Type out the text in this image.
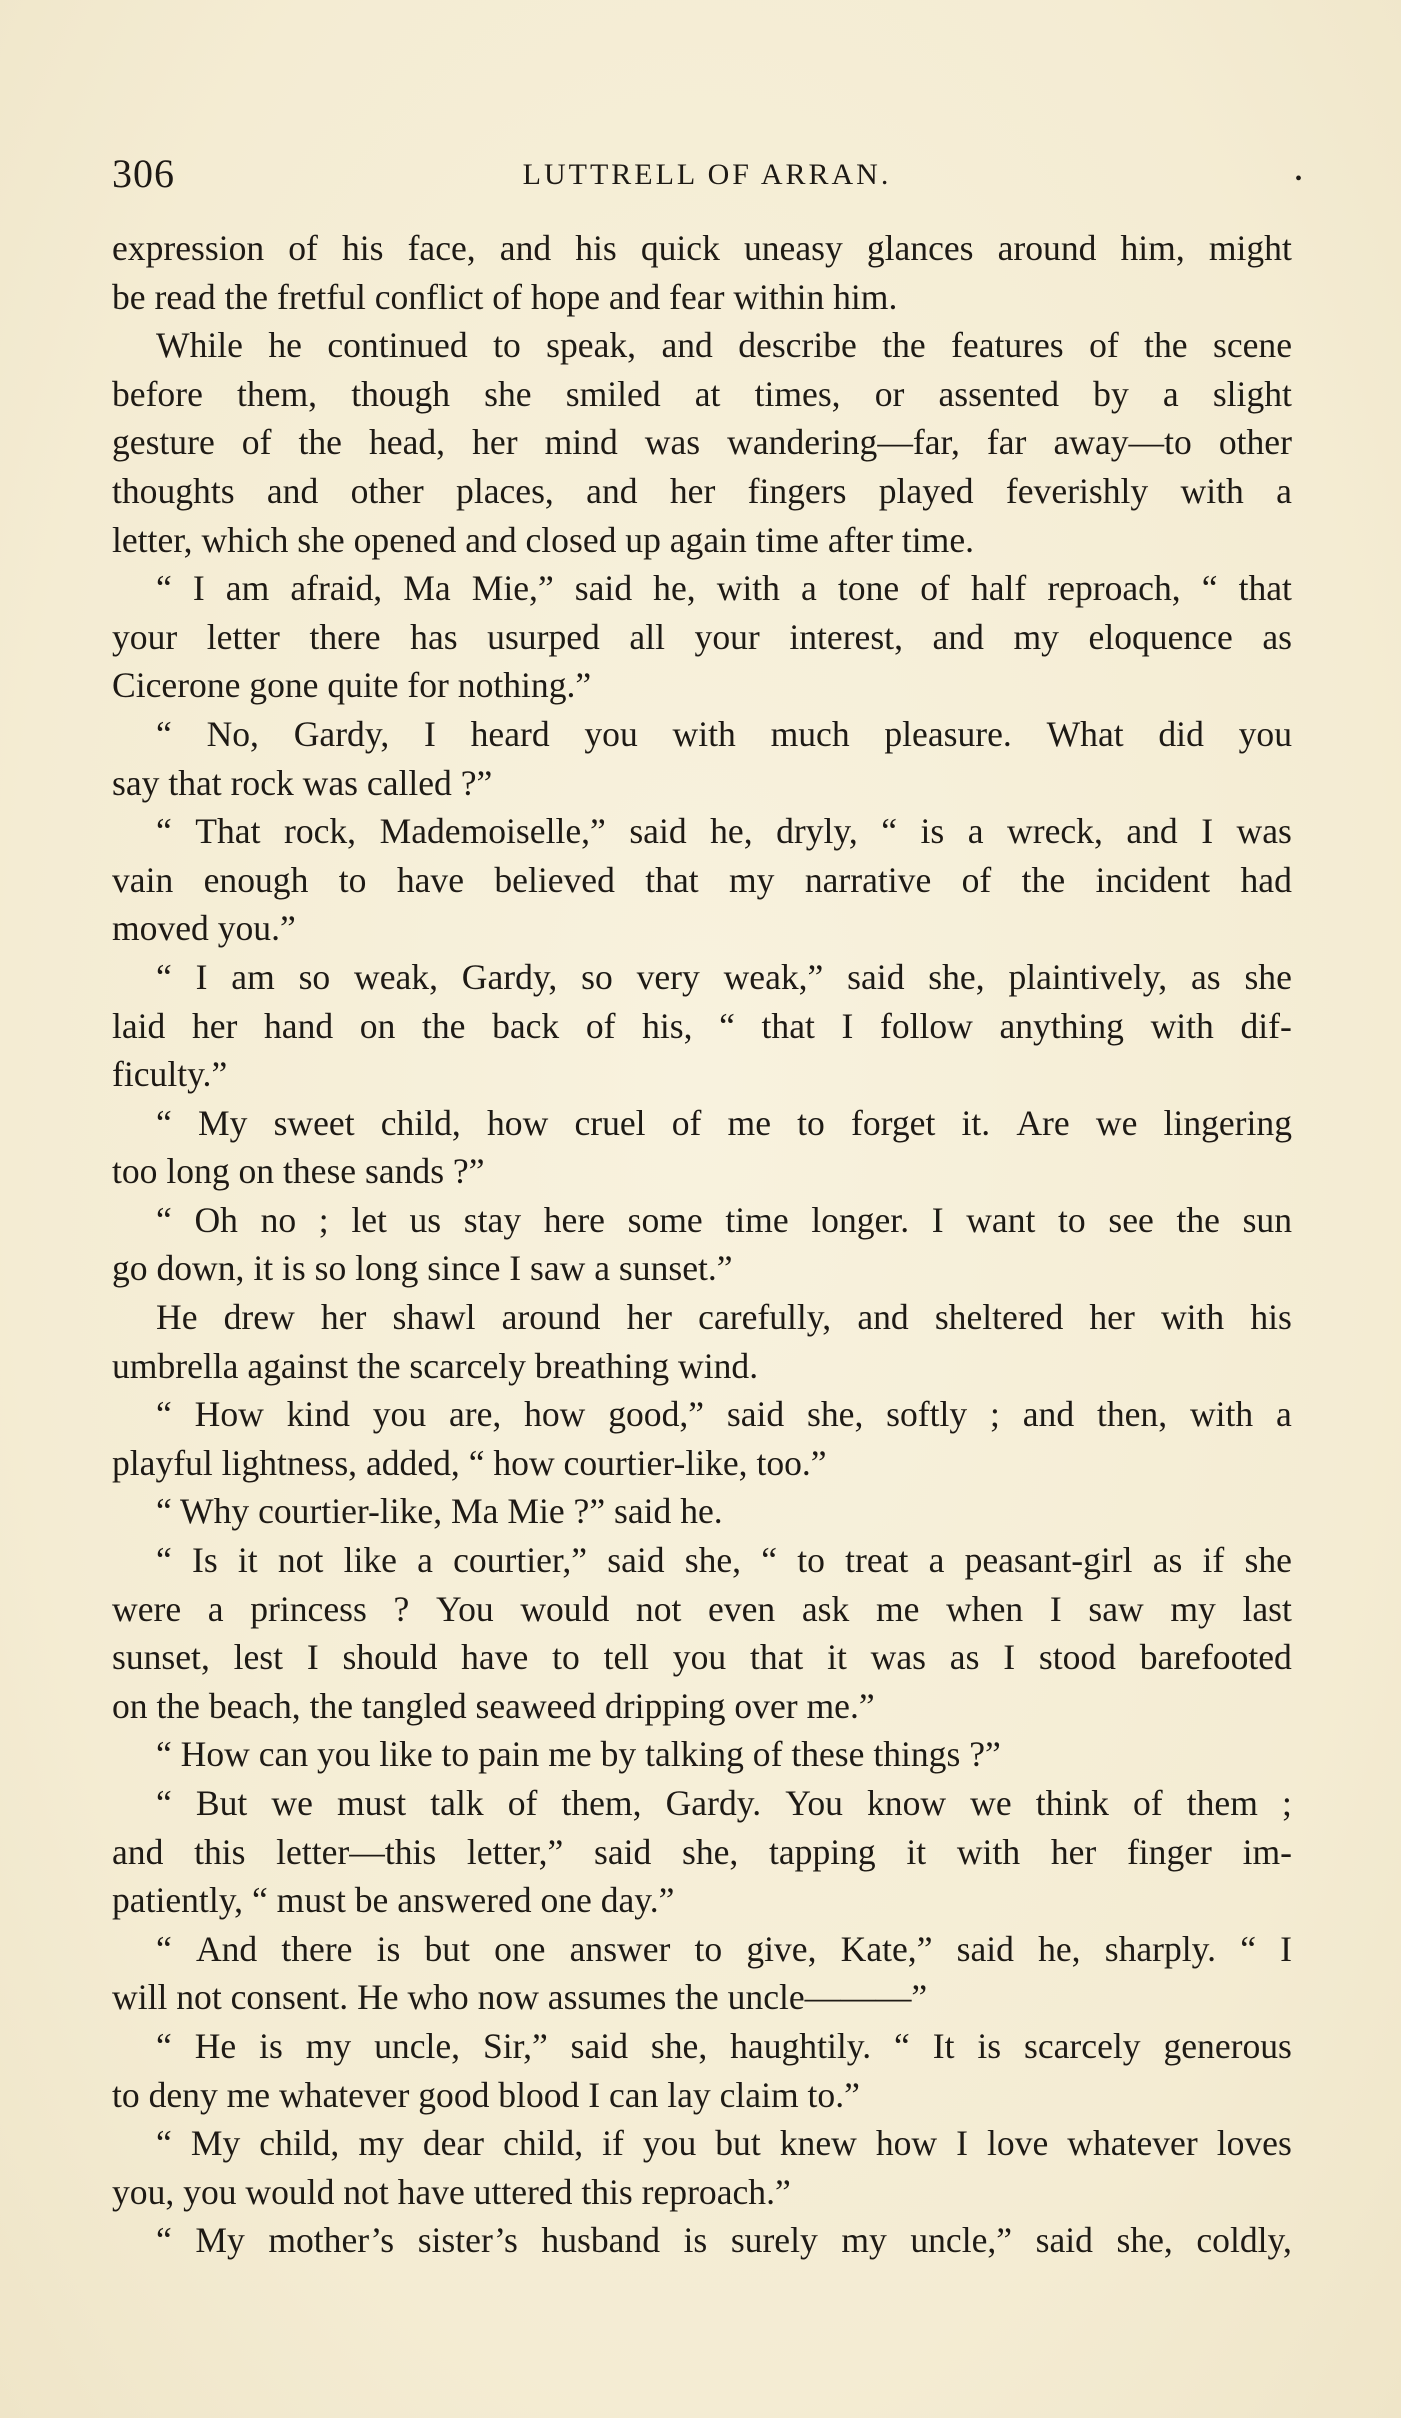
306	LUTTRELL OF ARRAN.	•
expression of his face, and his quick uneasy glances around him, might
be read the fretful conflict of hope and fear within him.
While he continued to speak, and describe the features of the scene
before them, though she smiled at times, or assented by a slight
gesture of the head, her mind was wandering—far, far away—to other
thoughts and other places, and her fingers played feverishly with a
letter, which she opened and closed up again time after time.
“ I am afraid, Ma Mie,” said he, with a tone of half reproach, “ that
your letter there has usurped all your interest, and my eloquence as
Cicerone gone quite for nothing.”
“ No, Gardy, I heard you with much pleasure. What did you
say that rock was called ?”
“ That rock, Mademoiselle,” said he, dryly, “ is a wreck, and I was
vain enough to have believed that my narrative of the incident had
moved you.”
“ I am so weak, Gardy, so very weak,” said she, plaintively, as she
laid her hand on the back of his, “ that I follow anything with dif-
ficulty.”
“ My sweet child, how cruel of me to forget it. Are we lingering
too long on these sands ?”
“ Oh no ; let us stay here some time longer. I want to see the sun
go down, it is so long since I saw a sunset.”
He drew her shawl around her carefully, and sheltered her with his
umbrella against the scarcely breathing wind.
“ How kind you are, how good,” said she, softly ; and then, with a
playful lightness, added, “ how courtier-like, too.”
“ Why courtier-like, Ma Mie ?” said he.
“ Is it not like a courtier,” said she, “ to treat a peasant-girl as if she
were a princess ? You would not even ask me when I saw my last
sunset, lest I should have to tell you that it was as I stood barefooted
on the beach, the tangled seaweed dripping over me.”
“ How can you like to pain me by talking of these things ?”
“ But we must talk of them, Gardy. You know we think of them ;
and this letter—this letter,” said she, tapping it with her finger im-
patiently, “ must be answered one day.”
“ And there is but one answer to give, Kate,” said he, sharply. “ I
will not consent. He who now assumes the uncle———”
“ He is my uncle, Sir,” said she, haughtily. “ It is scarcely generous
to deny me whatever good blood I can lay claim to.”
“ My child, my dear child, if you but knew how I love whatever loves
you, you would not have uttered this reproach.”
“ My mother’s sister’s husband is surely my uncle,” said she, coldly,
